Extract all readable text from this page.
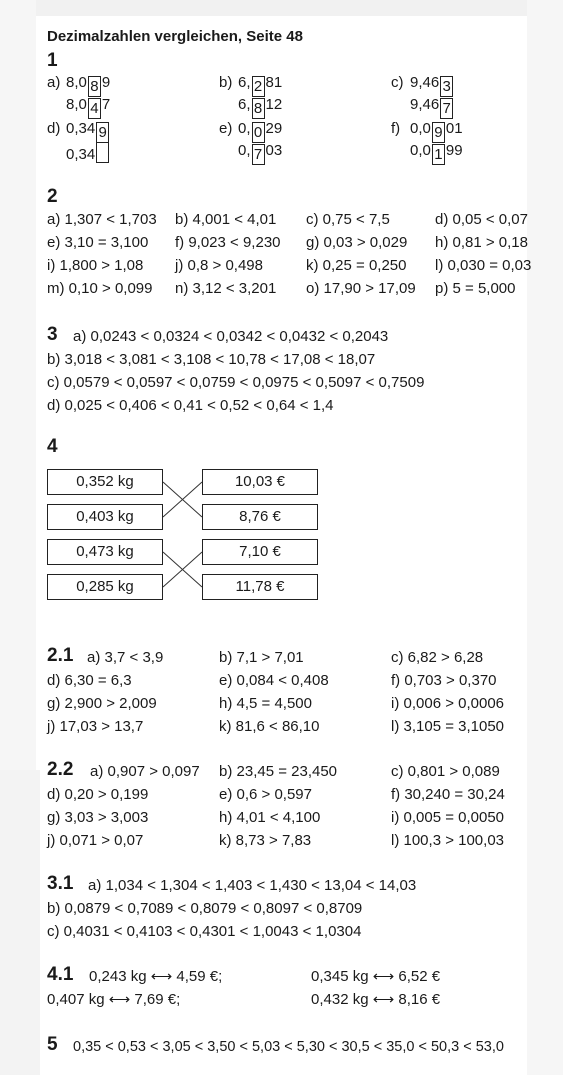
Dezimalzahlen vergleichen, Seite 48
1
a) 8,0 8 9
8,0 4 7
b) 6, 2 81
6, 8 12
c) 9,46 3
9,46 7
d) 0,34 9
0,34
e) 0, 0 29
0, 7 03
f) 0,0 9 01
0,0 1 99
2
a) 1,307 < 1,703 b) 4,001 < 4,01 c) 0,75 < 7,5	d) 0,05 < 0,07
e) 3,10 = 3,100 f) 9,023 < 9,230 g) 0,03 > 0,029 h) 0,81 > 0,18
i) 1,800 > 1,08 j) 0,8 > 0,498	k) 0,25 = 0,250 l) 0,030 = 0,03
m) 0,10 > 0,099 n) 3,12 < 3,201 o) 17,90 > 17,09 p) 5 = 5,000
3 a) 0,0243 < 0,0324 < 0,0342 < 0,0432 < 0,2043
b) 3,018 < 3,081 < 3,108 < 10,78 < 17,08 < 18,07
c) 0,0579 < 0,0597 < 0,0759 < 0,0975 < 0,5097 < 0,7509
d) 0,025 < 0,406 < 0,41 < 0,52 < 0,64 < 1,4
4
0,352 kg
0,403 kg
0,473 kg
0,285 kg
10,03 €
8,76 €
7,10 €
11,78 €
2.1 a) 3,7 < 3,9	b) 7,1 > 7,01	c) 6,82 > 6,28
d) 6,30 = 6,3	e) 0,084 < 0,408	f) 0,703 > 0,370
g) 2,900 > 2,009	h) 4,5 = 4,500	i) 0,006 > 0,0006
j) 17,03 > 13,7	k) 81,6 < 86,10	l) 3,105 = 3,1050
2.2 a) 0,907 > 0,097 b) 23,45 = 23,450	c) 0,801 > 0,089
d) 0,20 > 0,199	e) 0,6 > 0,597	f) 30,240 = 30,24
g) 3,03 > 3,003	h) 4,01 < 4,100	i) 0,005 = 0,0050
j) 0,071 > 0,07	k) 8,73 > 7,83	l) 100,3 > 100,03
3.1 a) 1,034 < 1,304 < 1,403 < 1,430 < 13,04 < 14,03
b) 0,0879 < 0,7089 < 0,8079 < 0,8097 < 0,8709
c) 0,4031 < 0,4103 < 0,4301 < 1,0043 < 1,0304
4.1 0,243 kg ⟷ 4,59 €;	0,345 kg ⟷ 6,52 €
0,407 kg ⟷ 7,69 €;	0,432 kg ⟷ 8,16 €
5 0,35 < 0,53 < 3,05 < 3,50 < 5,03 < 5,30 < 30,5 < 35,0 < 50,3 < 53,0
